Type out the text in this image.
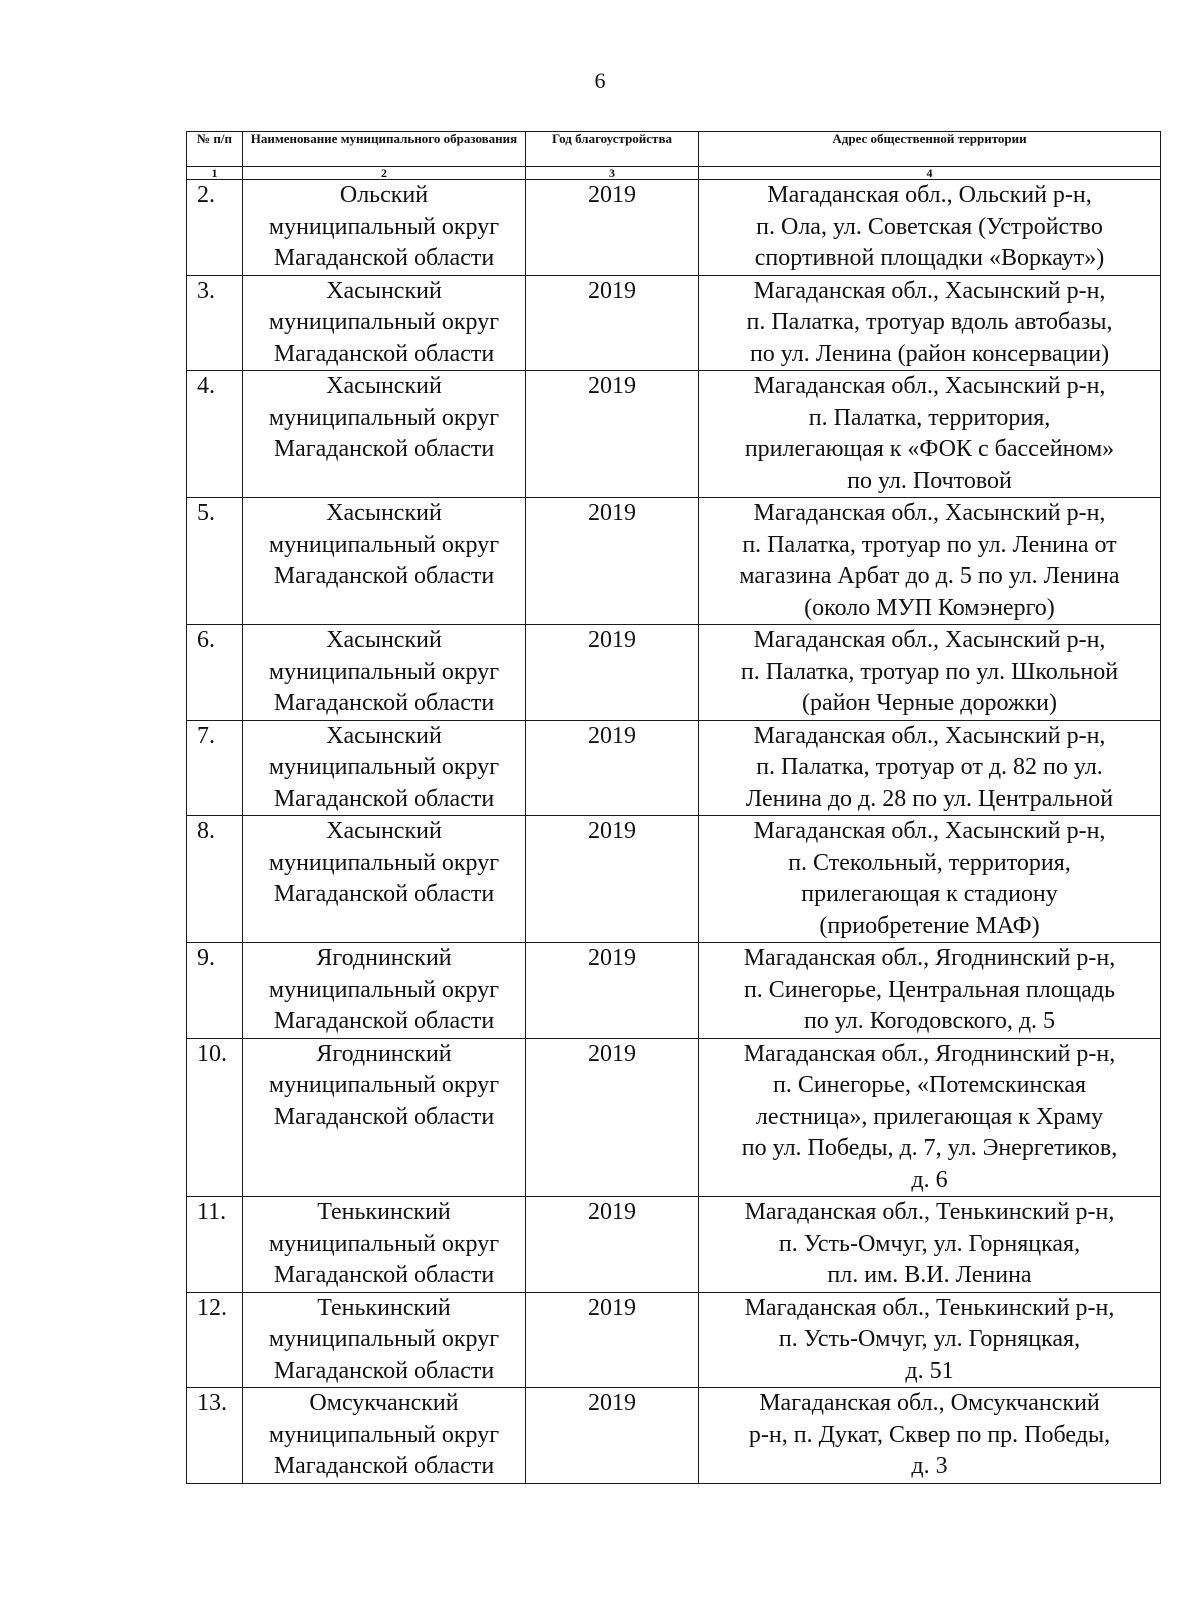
6
№ п/п	Наименование муниципального образования	Год благоустройства	Адрес общественной территории
1	2	3	4
2.	Ольский
муниципальный округ
Магаданской области	2019	Магаданская обл., Ольский р-н,
п. Ола, ул. Советская (Устройство
спортивной площадки «Воркаут»)

3.	Хасынский
муниципальный округ
Магаданской области	2019	Магаданская обл., Хасынский р-н,
п. Палатка, тротуар вдоль автобазы,
по ул. Ленина (район консервации)

4.	Хасынский
муниципальный округ
Магаданской области	2019	Магаданская обл., Хасынский р-н,
п. Палатка, территория,
прилегающая к «ФОК с бассейном»
по ул. Почтовой

5.	Хасынский
муниципальный округ
Магаданской области	2019	Магаданская обл., Хасынский р-н,
п. Палатка, тротуар по ул. Ленина от
магазина Арбат до д. 5 по ул. Ленина
(около МУП Комэнерго)

6.	Хасынский
муниципальный округ
Магаданской области	2019	Магаданская обл., Хасынский р-н,
п. Палатка, тротуар по ул. Школьной
(район Черные дорожки)

7.	Хасынский
муниципальный округ
Магаданской области	2019	Магаданская обл., Хасынский р-н,
п. Палатка, тротуар от д. 82 по ул.
Ленина до д. 28 по ул. Центральной

8.	Хасынский
муниципальный округ
Магаданской области	2019	Магаданская обл., Хасынский р-н,
п. Стекольный, территория,
прилегающая к стадиону
(приобретение МАФ)

9.	Ягоднинский
муниципальный округ
Магаданской области	2019	Магаданская обл., Ягоднинский р-н,
п. Синегорье, Центральная площадь
по ул. Когодовского, д. 5

10.	Ягоднинский
муниципальный округ
Магаданской области	2019	Магаданская обл., Ягоднинский р-н,
п. Синегорье, «Потемскинская
лестница», прилегающая к Храму
по ул. Победы, д. 7, ул. Энергетиков,
д. 6

11.	Тенькинский
муниципальный округ
Магаданской области	2019	Магаданская обл., Тенькинский р-н,
п. Усть-Омчуг, ул. Горняцкая,
пл. им. В.И. Ленина

12.	Тенькинский
муниципальный округ
Магаданской области	2019	Магаданская обл., Тенькинский р-н,
п. Усть-Омчуг, ул. Горняцкая,
д. 51

13.	Омсукчанский
муниципальный округ
Магаданской области	2019	Магаданская обл., Омсукчанский
р-н, п. Дукат, Сквер по пр. Победы,
д. 3
